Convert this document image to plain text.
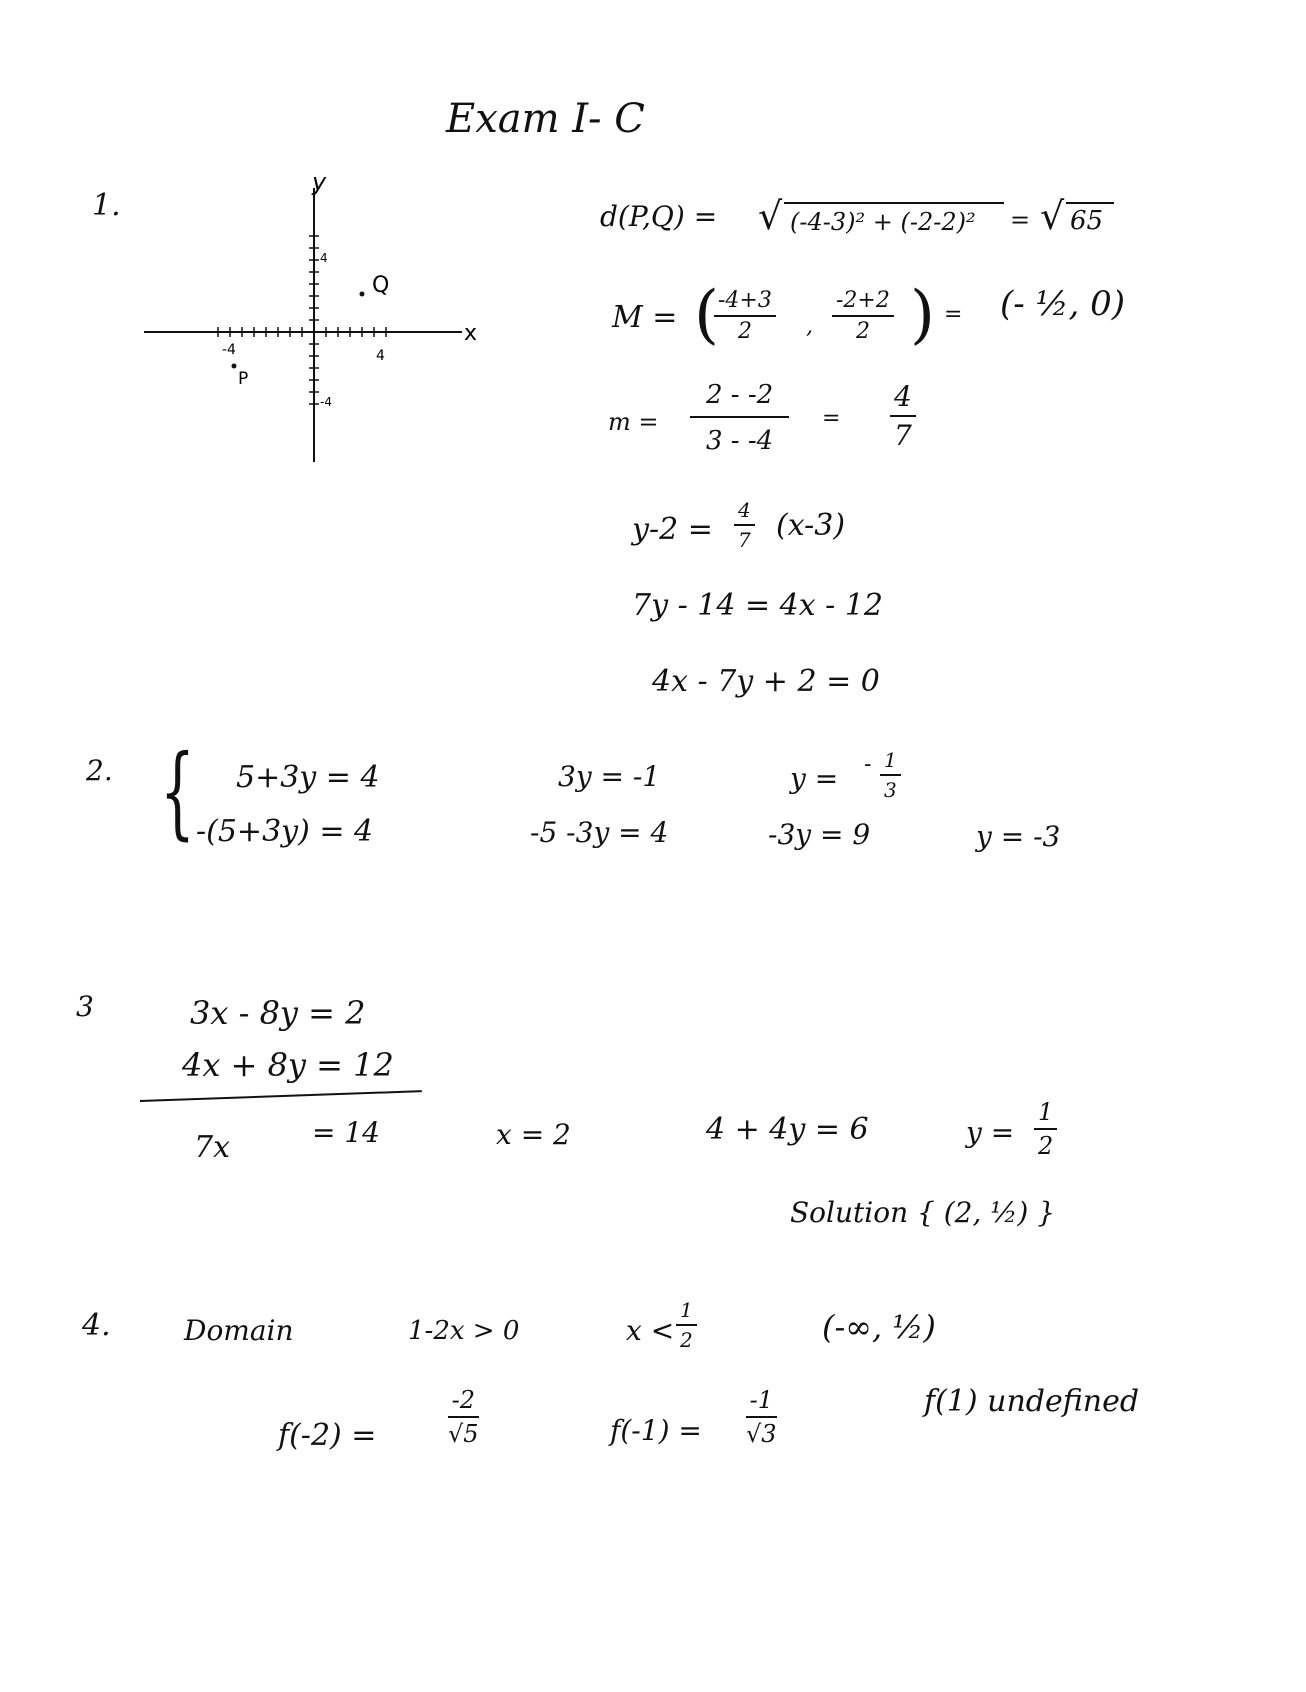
Exam I- C
1.
y
x
4
-4
4
-4
Q
P
d(P,Q) = √ (-4-3)² + (-2-2)² = √ 65
M = (
$\frac{-4+3}{2}$ , $\frac{-2+2}{2}$ ) = (- ½, 0)
$m = \frac{2 - -2}{3 - -4} = \frac{4}{7}$
$y-2 = \frac{4}{7} (x-3)$
7y - 14 = 4x - 12
4x - 7y + 2 = 0
2. { 5+3y = 4
-(5+3y) = 4
3y = -1
-5 -3y = 4
y = - $\frac{1}{3}$
-3y = 9	y = -3
3	3x - 8y = 2
4x + 8y = 12
7x	= 14	x = 2	4 + 4y = 6	$y = \frac{1}{2}$
Solution { (2, ½) }
4.	Domain	1-2x > 0	$x < \frac{1}{2}$	(-∞, ½)
f(-2) =	$\frac{-2}{√5}$	$f(-1) = \frac{-1}{√3}$	f(1) undefined
